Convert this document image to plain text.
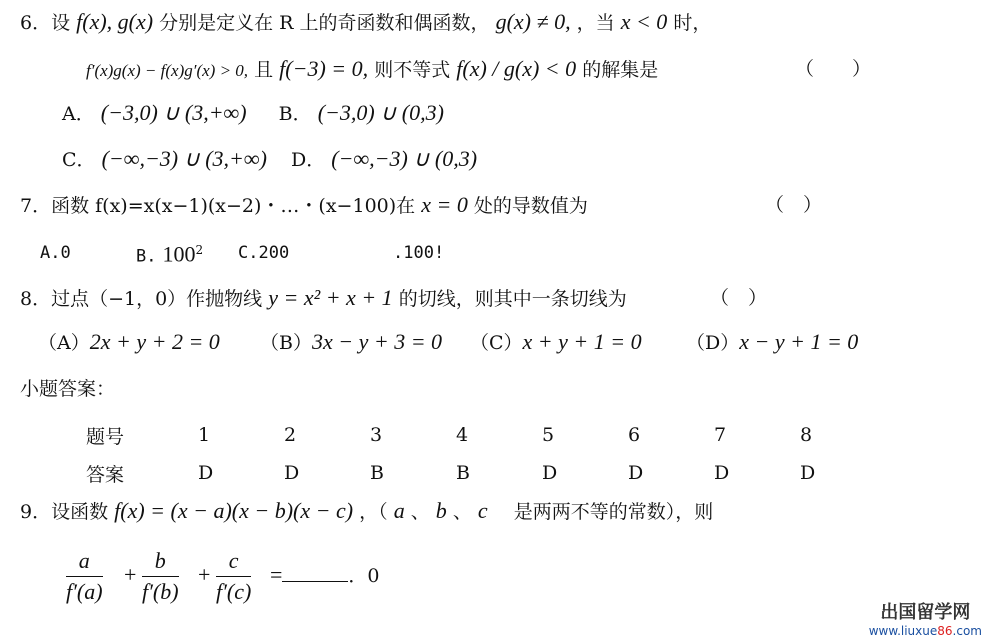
6．设 f(x), g(x) 分别是定义在 R 上的奇函数和偶函数， g(x) ≠ 0, ，当 x < 0 时，
f′(x)g(x) − f(x)g′(x) > 0, 且 f(−3) = 0, 则不等式 f(x) / g(x) < 0 的解集是	（　　）
A． (−3,0) ∪ (3,+∞) B． (−3,0) ∪ (0,3)
C． (−∞,−3) ∪ (3,+∞) D． (−∞,−3) ∪ (0,3)
7．函数 f(x)=x(x−1)(x−2)・…・(x−100)在 x = 0 处的导数值为	（　）
A.0	B. $100^2$ C.200	.100!
8．过点（−1，0）作抛物线 y = x² + x + 1 的切线，则其中一条切线为	（　）
（A）2x + y + 2 = 0 （B）3x − y + 3 = 0 （C）x + y + 1 = 0 （D）x − y + 1 = 0
小题答案：
题号	1	2	3	4	5	6	7	8
答案	D	D	B	B	D	D	D	D
9．设函数 f(x) = (x − a)(x − b)(x − c) ，（ a 、 b 、 c 是两两不等的常数），则
$\frac{a}{f'(a)} + \frac{b}{f'(b)} + \frac{c}{f'(c)}$ =	．0
出国留学网
www.liuxue86.com
